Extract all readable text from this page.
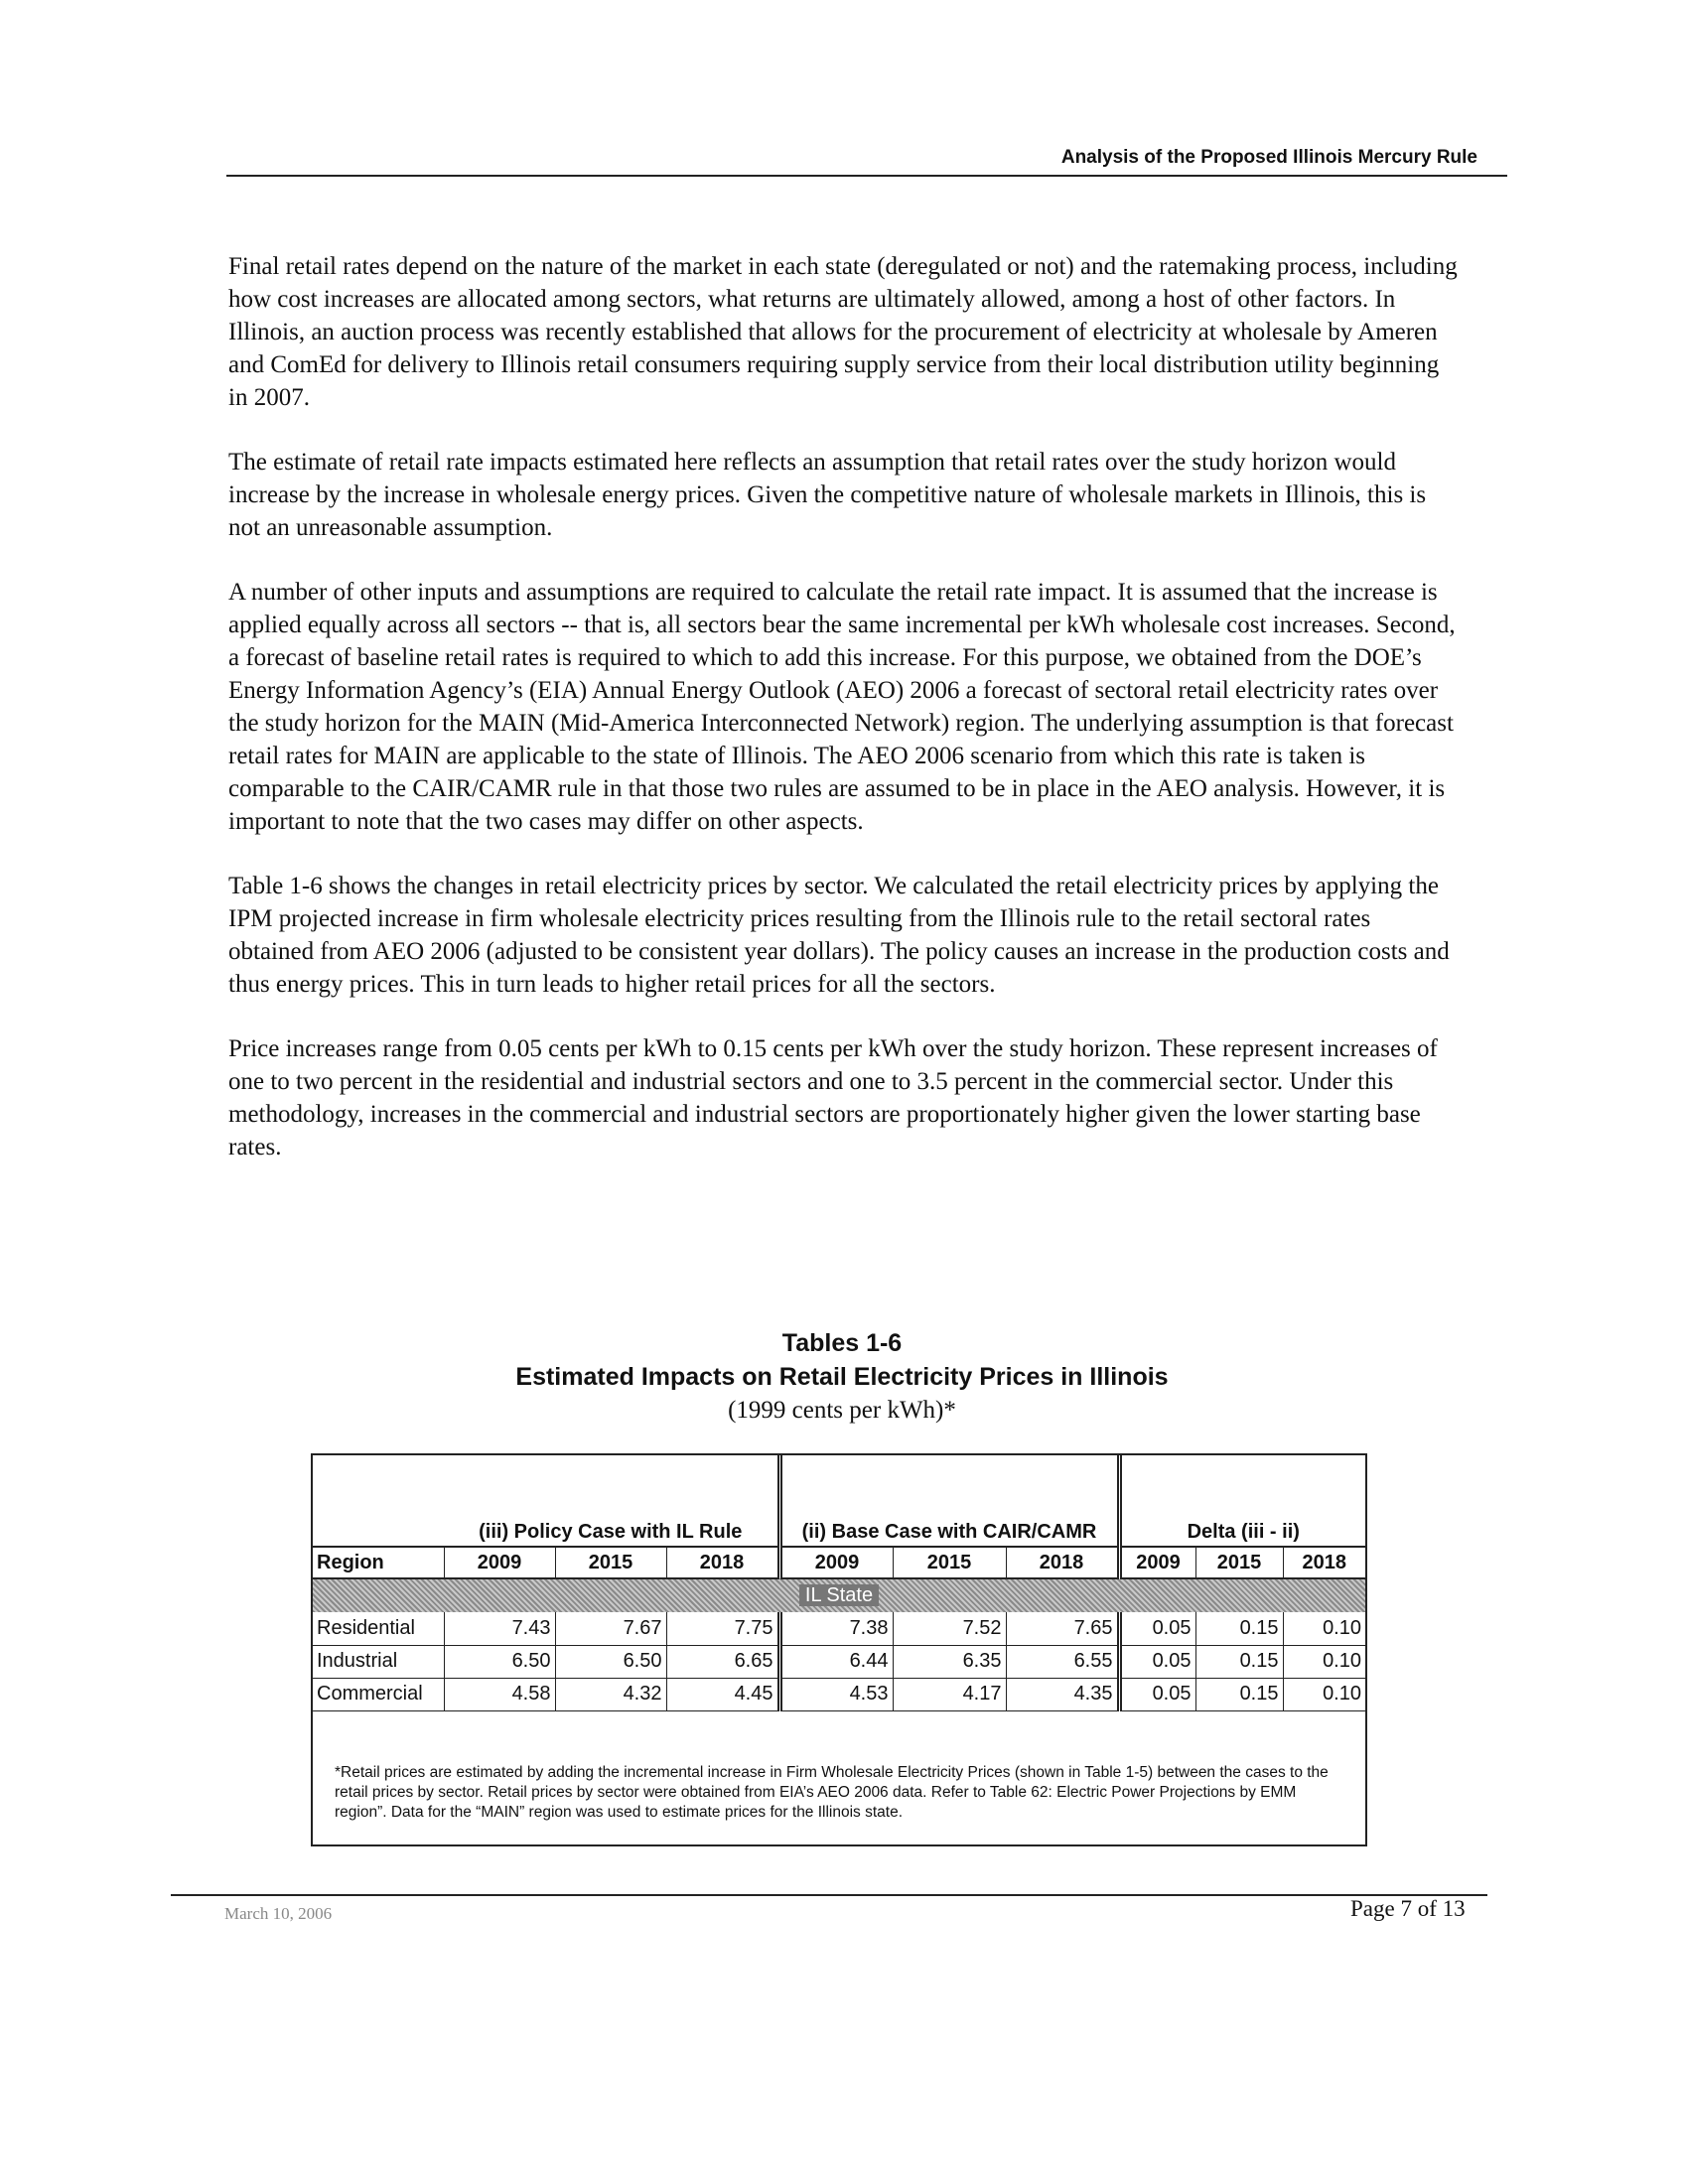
Analysis of the Proposed Illinois Mercury Rule

Final retail rates depend on the nature of the market in each state (deregulated or not) and the ratemaking process, including how cost increases are allocated among sectors, what returns are ultimately allowed, among a host of other factors. In Illinois, an auction process was recently established that allows for the procurement of electricity at wholesale by Ameren and ComEd for delivery to Illinois retail consumers requiring supply service from their local distribution utility beginning in 2007.

The estimate of retail rate impacts estimated here reflects an assumption that retail rates over the study horizon would increase by the increase in wholesale energy prices. Given the competitive nature of wholesale markets in Illinois, this is not an unreasonable assumption.

A number of other inputs and assumptions are required to calculate the retail rate impact. It is assumed that the increase is applied equally across all sectors -- that is, all sectors bear the same incremental per kWh wholesale cost increases. Second, a forecast of baseline retail rates is required to which to add this increase. For this purpose, we obtained from the DOE’s Energy Information Agency’s (EIA) Annual Energy Outlook (AEO) 2006 a forecast of sectoral retail electricity rates over the study horizon for the MAIN (Mid-America Interconnected Network) region. The underlying assumption is that forecast retail rates for MAIN are applicable to the state of Illinois. The AEO 2006 scenario from which this rate is taken is comparable to the CAIR/CAMR rule in that those two rules are assumed to be in place in the AEO analysis. However, it is important to note that the two cases may differ on other aspects.

Table 1-6 shows the changes in retail electricity prices by sector. We calculated the retail electricity prices by applying the IPM projected increase in firm wholesale electricity prices resulting from the Illinois rule to the retail sectoral rates obtained from AEO 2006 (adjusted to be consistent year dollars). The policy causes an increase in the production costs and thus energy prices. This in turn leads to higher retail prices for all the sectors.

Price increases range from 0.05 cents per kWh to 0.15 cents per kWh over the study horizon. These represent increases of one to two percent in the residential and industrial sectors and one to 3.5 percent in the commercial sector. Under this methodology, increases in the commercial and industrial sectors are proportionately higher given the lower starting base rates.

Tables 1-6
Estimated Impacts on Retail Electricity Prices in Illinois
(1999 cents per kWh)*
	(iii) Policy Case with IL Rule			(ii) Base Case with CAIR/CAMR			Delta (iii - ii)		
Region	2009	2015	2018	2009	2015	2018	2009	2015	2018
IL State									
Residential	7.43	7.67	7.75	7.38	7.52	7.65	0.05	0.15	0.10
Industrial	6.50	6.50	6.65	6.44	6.35	6.55	0.05	0.15	0.10
Commercial	4.58	4.32	4.45	4.53	4.17	4.35	0.05	0.15	0.10
*Retail prices are estimated by adding the incremental increase in Firm Wholesale Electricity Prices (shown in Table 1-5) between the cases to the retail prices by sector. Retail prices by sector were obtained from EIA’s AEO 2006 data. Refer to Table 62: Electric Power Projections by EMM region”. Data for the “MAIN” region was used to estimate prices for the Illinois state.
March 10, 2006	Page 7 of 13
